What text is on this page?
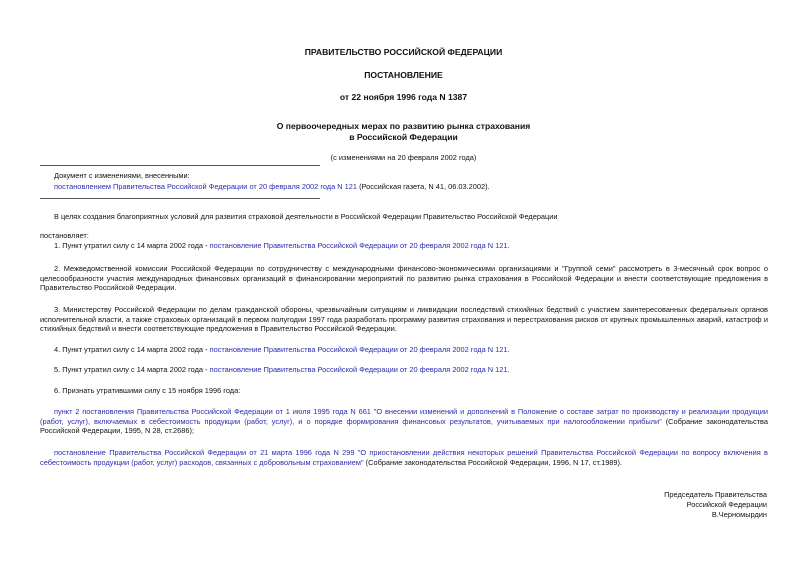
ПРАВИТЕЛЬСТВО РОССИЙСКОЙ ФЕДЕРАЦИИ
ПОСТАНОВЛЕНИЕ
от 22 ноября 1996 года N 1387
О первоочередных мерах по развитию рынка страхования
в Российской Федерации
(с изменениями на 20 февраля 2002 года)
Документ с изменениями, внесенными:
постановлением Правительства Российской Федерации от 20 февраля 2002 года N 121 (Российская газета, N 41, 06.03.2002).
В целях создания благоприятных условий для развития страховой деятельности в Российской Федерации Правительство Российской Федерации
постановляет:
1. Пункт утратил силу с 14 марта 2002 года - постановление Правительства Российской Федерации от 20 февраля 2002 года N 121.
2. Межведомственной комиссии Российской Федерации по сотрудничеству с международными финансово-экономическими организациями и "Группой семи" рассмотреть в 3-месячный срок вопрос о целесообразности участия международных финансовых организаций в финансировании мероприятий по развитию рынка страхования в Российской Федерации и внести соответствующие предложения в Правительство Российской Федерации.
3. Министерству Российской Федерации по делам гражданской обороны, чрезвычайным ситуациям и ликвидации последствий стихийных бедствий с участием заинтересованных федеральных органов исполнительной власти, а также страховых организаций в первом полугодии 1997 года разработать программу развития страхования и перестрахования рисков от крупных промышленных аварий, катастроф и стихийных бедствий и внести соответствующие предложения в Правительство Российской Федерации.
4. Пункт утратил силу с 14 марта 2002 года - постановление Правительства Российской Федерации от 20 февраля 2002 года N 121.
5. Пункт утратил силу с 14 марта 2002 года - постановление Правительства Российской Федерации от 20 февраля 2002 года N 121.
6. Признать утратившими силу с 15 ноября 1996 года:
пункт 2 постановления Правительства Российской Федерации от 1 июля 1995 года N 661 "О внесении изменений и дополнений в Положение о составе затрат по производству и реализации продукции (работ, услуг), включаемых в себестоимость продукции (работ, услуг), и о порядке формирования финансовых результатов, учитываемых при налогообложении прибыли" (Собрание законодательства Российской Федерации, 1995, N 28, ст.2686);
постановление Правительства Российской Федерации от 21 марта 1996 года N 299 "О приостановлении действия некоторых решений Правительства Российской Федерации по вопросу включения в себестоимость продукции (работ, услуг) расходов, связанных с добровольным страхованием" (Собрание законодательства Российской Федерации, 1996, N 17, ст.1989).
Председатель Правительства
Российской Федерации
В.Черномырдин
